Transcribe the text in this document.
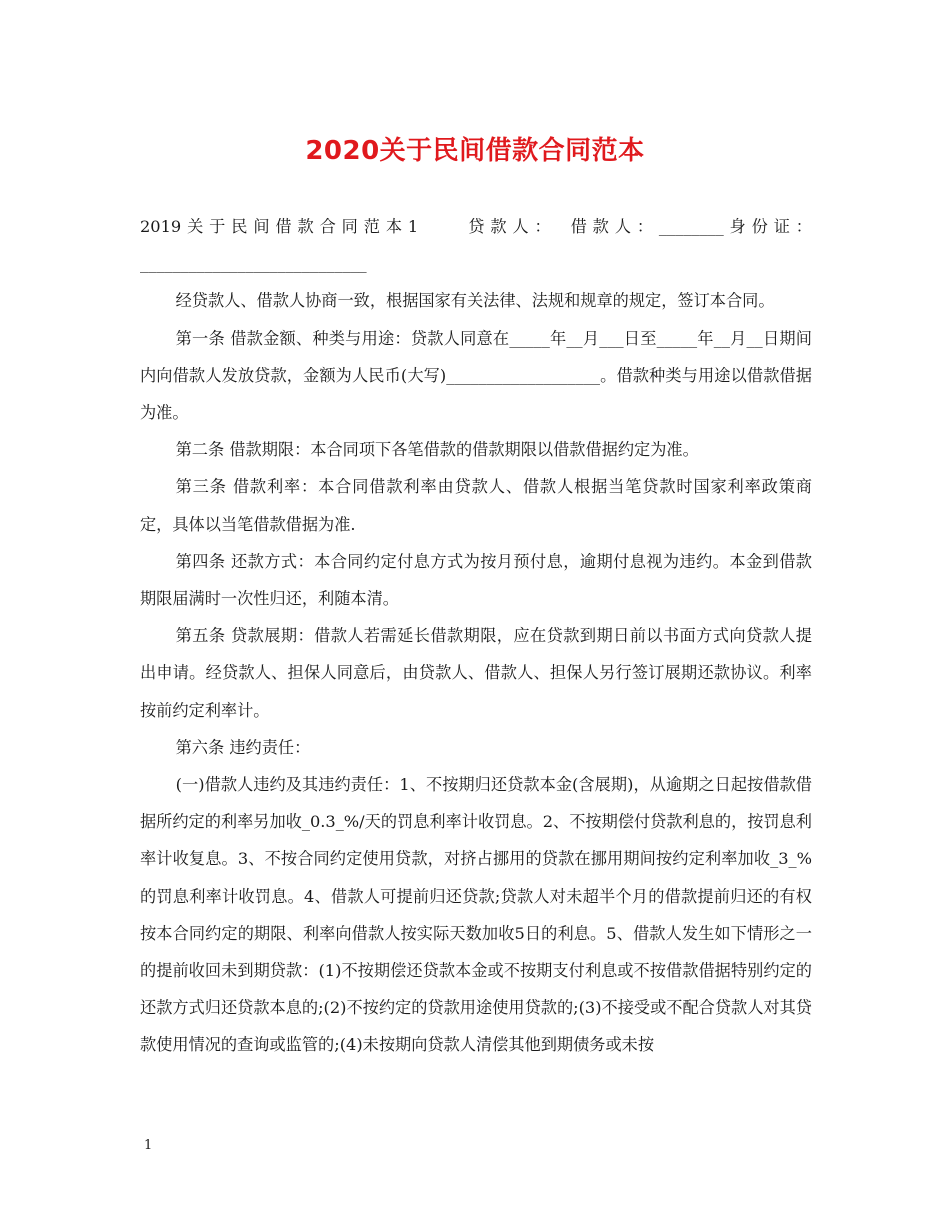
2020关于民间借款合同范本

2019关于民间借款合同范本1　　贷款人：　借款人：________身份证：____________________________

经贷款人、借款人协商一致，根据国家有关法律、法规和规章的规定，签订本合同。

第一条 借款金额、种类与用途：贷款人同意在_____年__月___日至_____年__月__日期间内向借款人发放贷款，金额为人民币(大写)___________________。借款种类与用途以借款借据为准。

第二条 借款期限：本合同项下各笔借款的借款期限以借款借据约定为准。

第三条 借款利率：本合同借款利率由贷款人、借款人根据当笔贷款时国家利率政策商定，具体以当笔借款借据为准.

第四条 还款方式：本合同约定付息方式为按月预付息，逾期付息视为违约。本金到借款期限届满时一次性归还，利随本清。

第五条 贷款展期：借款人若需延长借款期限，应在贷款到期日前以书面方式向贷款人提出申请。经贷款人、担保人同意后，由贷款人、借款人、担保人另行签订展期还款协议。利率按前约定利率计。

第六条 违约责任：

(一)借款人违约及其违约责任：1、不按期归还贷款本金(含展期)，从逾期之日起按借款借据所约定的利率另加收_0.3_%/天的罚息利率计收罚息。2、不按期偿付贷款利息的，按罚息利率计收复息。3、不按合同约定使用贷款，对挤占挪用的贷款在挪用期间按约定利率加收_3_%的罚息利率计收罚息。4、借款人可提前归还贷款;贷款人对未超半个月的借款提前归还的有权按本合同约定的期限、利率向借款人按实际天数加收5日的利息。5、借款人发生如下情形之一的提前收回未到期贷款：(1)不按期偿还贷款本金或不按期支付利息或不按借款借据特别约定的还款方式归还贷款本息的;(2)不按约定的贷款用途使用贷款的;(3)不接受或不配合贷款人对其贷款使用情况的查询或监管的;(4)未按期向贷款人清偿其他到期债务或未按

1
